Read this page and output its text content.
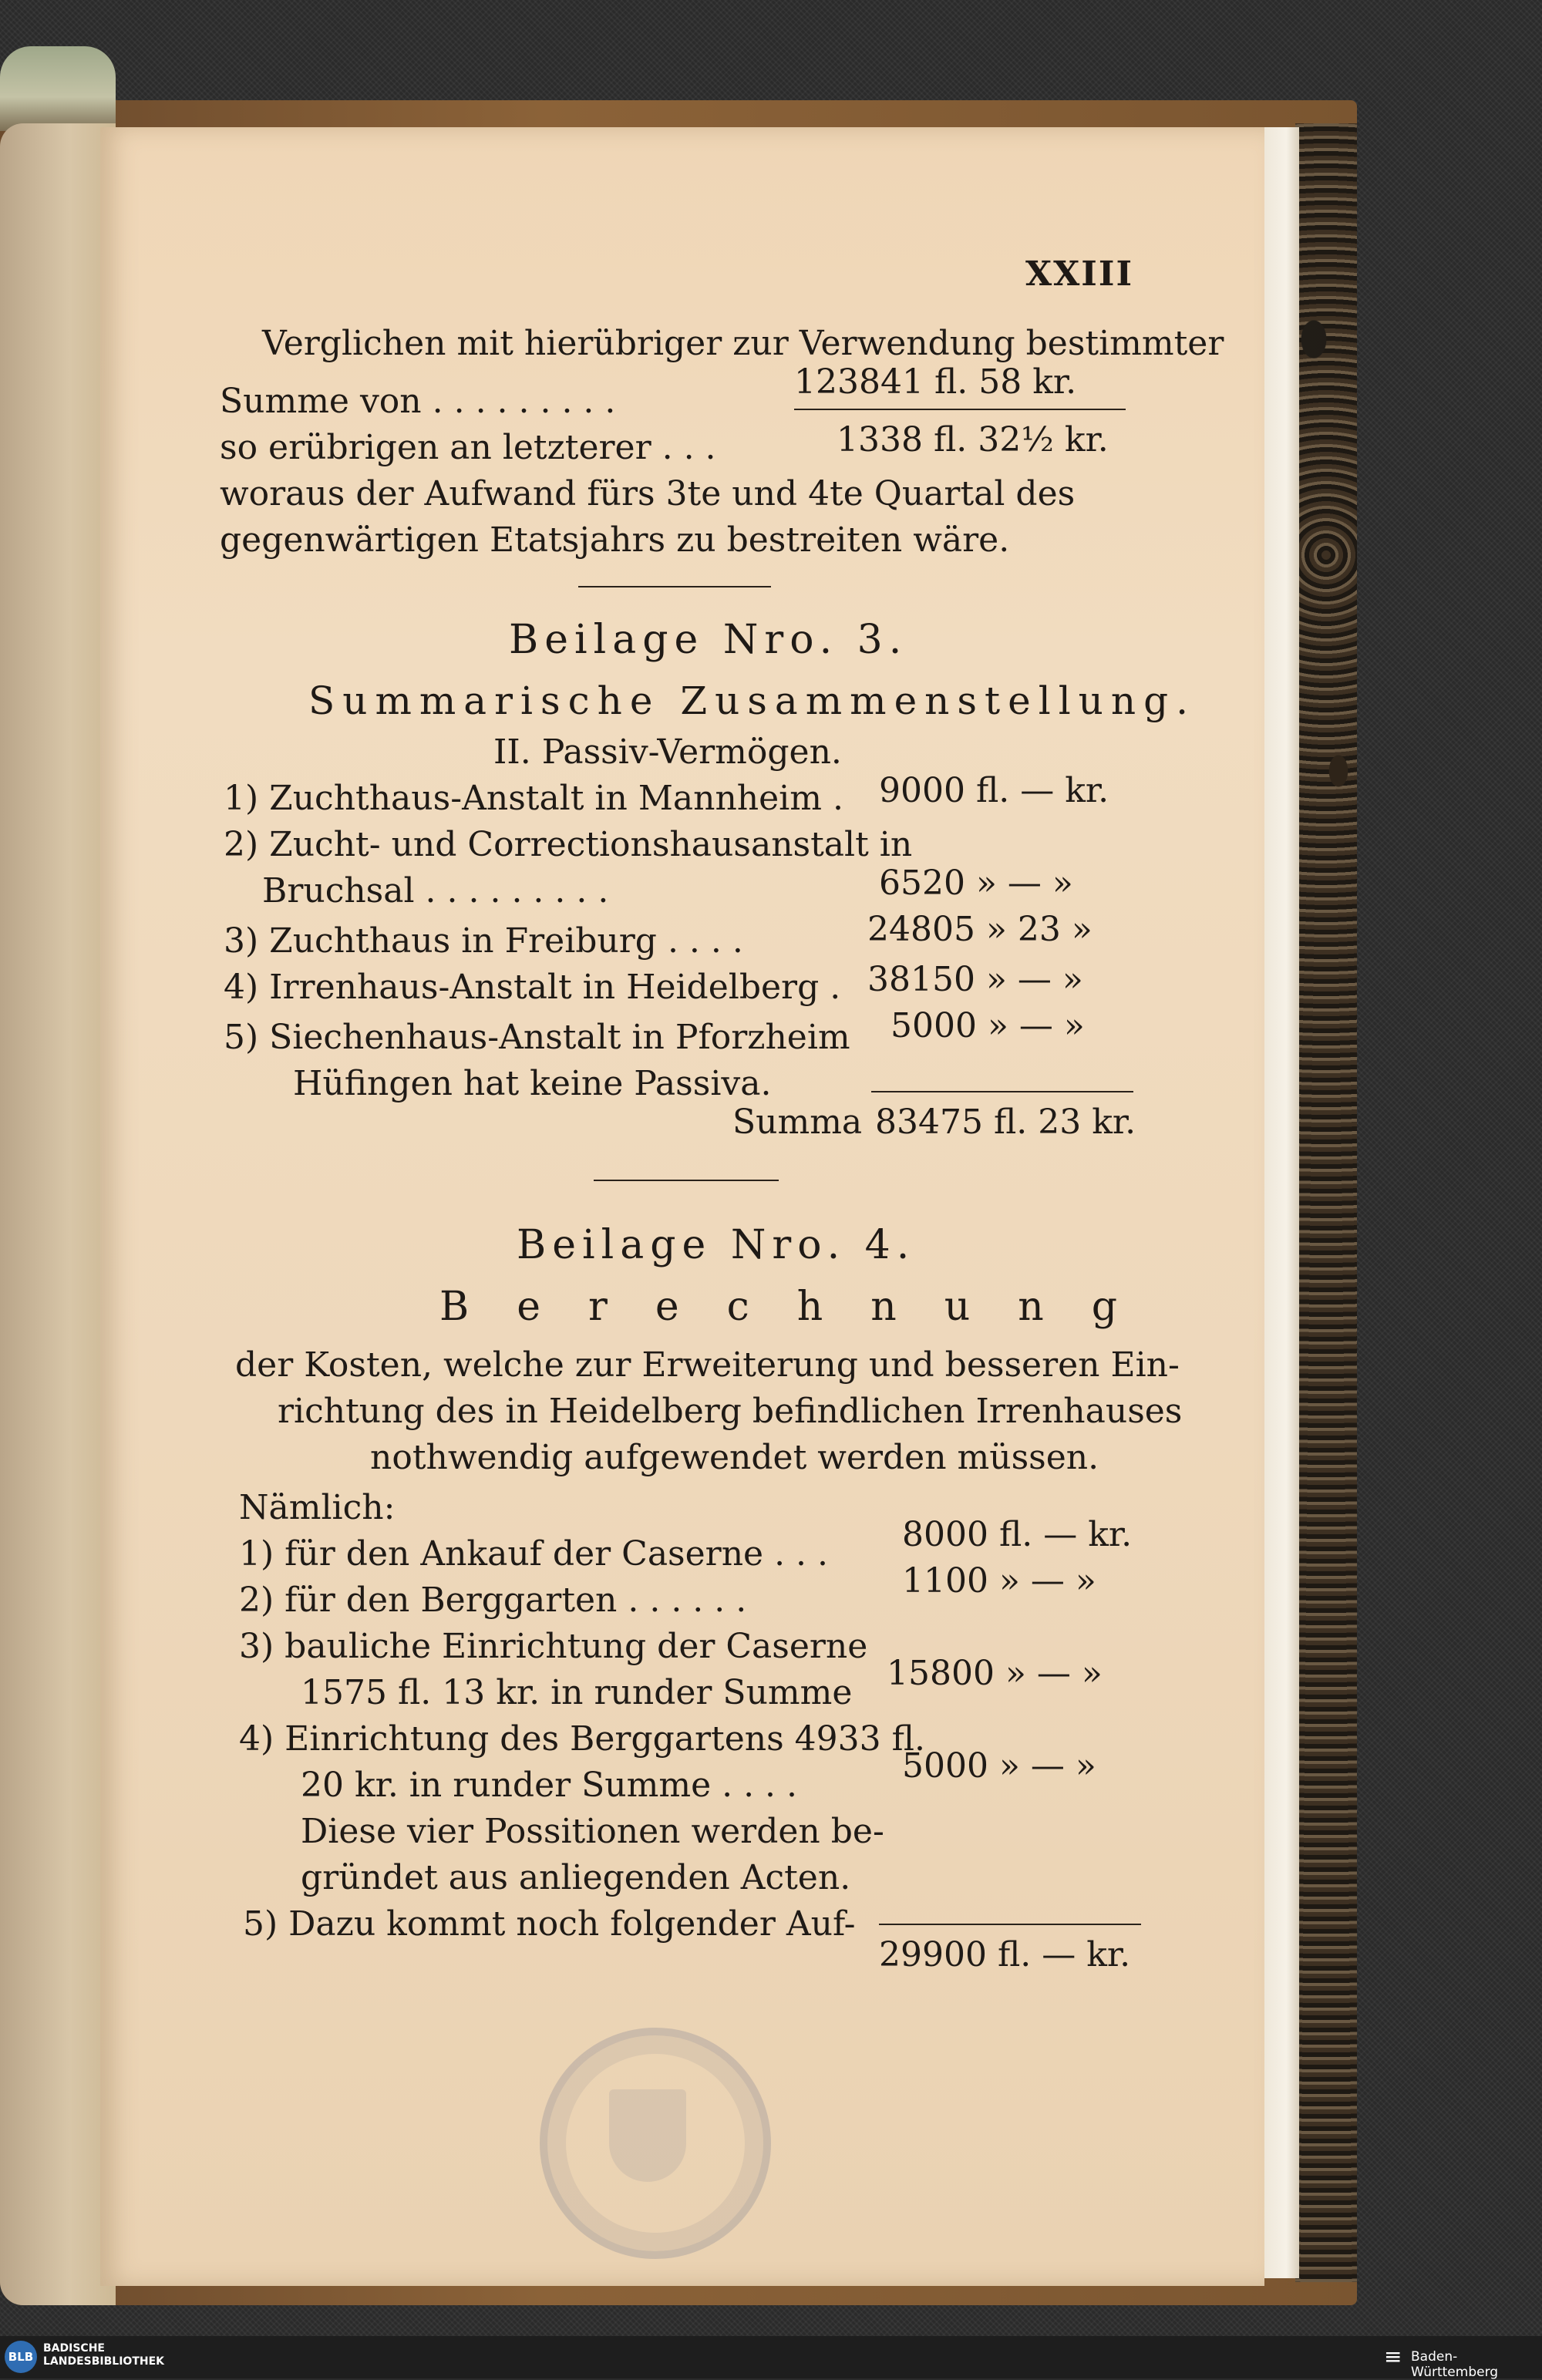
XXIII
Verglichen mit hierübriger zur Verwendung bestimmter
Summe von . . . . . . . . .	123841 fl. 58 kr.
so erübrigen an letzterer . . .	1338 fl. 32½ kr.
woraus der Aufwand fürs 3te und 4te Quartal des
gegenwärtigen Etatsjahrs zu bestreiten wäre.
Beilage Nro. 3.
Summarische Zusammenstellung.
II. Passiv-Vermögen.
1) Zuchthaus-Anstalt in Mannheim . 9000 fl. — kr.
2) Zucht- und Correctionshausanstalt in
Bruchsal . . . . . . . . .	6520 » — »
3) Zuchthaus in Freiburg . . . .	24805 » 23 »
4) Irrenhaus-Anstalt in Heidelberg . 38150 » — »
5) Siechenhaus-Anstalt in Pforzheim 5000 » — »
Hüfingen hat keine Passiva.
Summa 83475 fl. 23 kr.
Beilage Nro. 4.
Berechnung
der Kosten, welche zur Erweiterung und besseren Ein-
richtung des in Heidelberg befindlichen Irrenhauses
nothwendig aufgewendet werden müssen.
Nämlich:
1) für den Ankauf der Caserne . . . 8000 fl. — kr.
2) für den Berggarten . . . . . .	1100 » — »
3) bauliche Einrichtung der Caserne
1575 fl. 13 kr. in runder Summe 15800 » — »
4) Einrichtung des Berggartens 4933 fl.
20 kr. in runder Summe . . . .	5000 » — »
Diese vier Possitionen werden be-
gründet aus anliegenden Acten.
5) Dazu kommt noch folgender Auf-
29900 fl. — kr.
BLB
BADISCHE
LANDESBIBLIOTHEK	≡ Baden-Württemberg
